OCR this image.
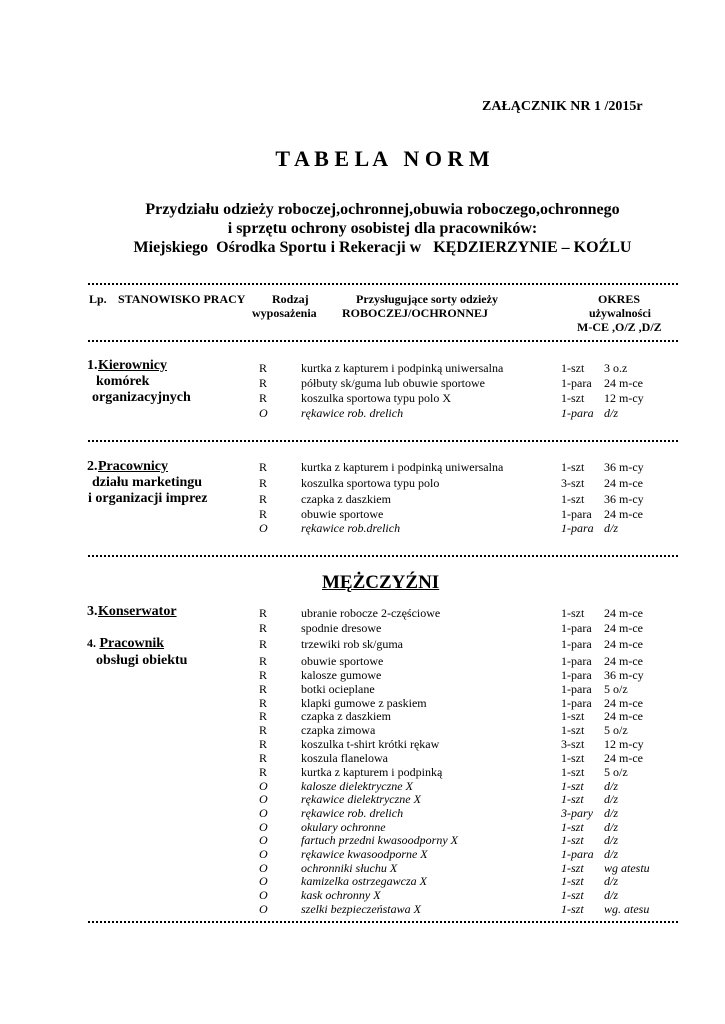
ZAŁĄCZNIK NR 1 /2015r
T A B E L A   N O R M
Przydziału odzieży roboczej,ochronnej,obuwia roboczego,ochronnego
i sprzętu ochrony osobistej dla pracowników:
Miejskiego  Ośrodka Sportu i Rekeracji w   KĘDZIERZYNIE – KOŹLU
Lp. STANOWISKO PRACY Rodzaj
wyposażenia
Przysługujące sorty odzieży
ROBOCZEJ/OCHRONNEJ
OKRES
używalności
M-CE ,O/Z ,D/Z
1. Kierownicy
komórek
organizacyjnych
R	kurtka z kapturem i podpinką uniwersalna	1-szt 3 o.z
R	półbuty sk/guma lub obuwie sportowe	1-para 24 m-ce
R	koszulka sportowa typu polo X	1-szt 12 m-cy
O	rękawice rob. drelich	1-para d/z
2. Pracownicy
działu marketingu
i organizacji imprez
R	kurtka z kapturem i podpinką uniwersalna	1-szt 36 m-cy
R	koszulka sportowa typu polo	3-szt 24 m-ce
R	czapka z daszkiem	1-szt 36 m-cy
R	obuwie sportowe	1-para 24 m-ce
O	rękawice rob.drelich	1-para d/z
MĘŻCZYŹNI
3. Konserwator
4. Pracownik
obsługi obiektu
R	ubranie robocze 2-częściowe	1-szt 24 m-ce
R	spodnie dresowe	1-para 24 m-ce
R	trzewiki rob sk/guma	1-para 24 m-ce
R	obuwie sportowe	1-para 24 m-ce
R	kalosze gumowe	1-para 36 m-cy
R	botki ocieplane	1-para 5 o/z
R	klapki gumowe z paskiem	1-para 24 m-ce
R	czapka z daszkiem	1-szt 24 m-ce
R	czapka zimowa	1-szt 5 o/z
R	koszulka t-shirt krótki rękaw	3-szt 12 m-cy
R	koszula flanelowa	1-szt 24 m-ce
R	kurtka z kapturem i podpinką	1-szt 5 o/z
O	kalosze dielektryczne X	1-szt d/z
O	rękawice dielektryczne X	1-szt d/z
O	rękawice rob. drelich	3-pary d/z
O	okulary ochronne	1-szt d/z
O	fartuch przedni kwasoodporny X	1-szt d/z
O	rękawice kwasoodporne X	1-para d/z
O	ochronniki słuchu X	1-szt wg atestu
O	kamizelka ostrzegawcza X	1-szt d/z
O	kask ochronny X	1-szt d/z
O	szelki bezpieczeństawa X	1-szt wg. atesu
